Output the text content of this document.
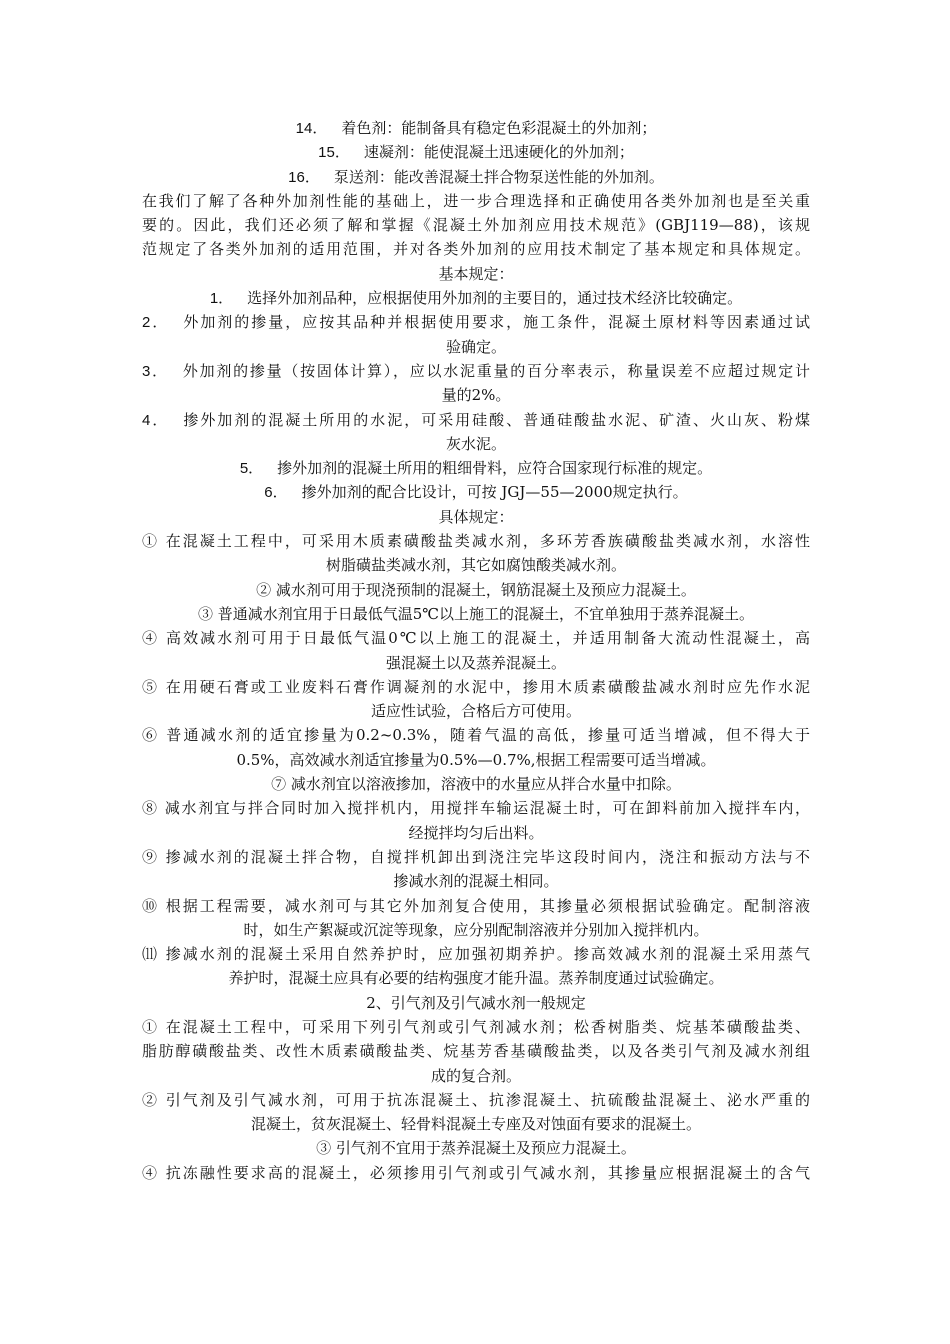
14． 着色剂：能制备具有稳定色彩混凝土的外加剂；
15． 速凝剂：能使混凝土迅速硬化的外加剂；
16． 泵送剂：能改善混凝土拌合物泵送性能的外加剂。
在我们了解了各种外加剂性能的基础上，进一步合理选择和正确使用各类外加剂也是至关重
要的。因此，我们还必须了解和掌握《混凝土外加剂应用技术规范》(GBJ119—88)，该规
范规定了各类外加剂的适用范围，并对各类外加剂的应用技术制定了基本规定和具体规定。
基本规定：
1． 选择外加剂品种，应根据使用外加剂的主要目的，通过技术经济比较确定。
2． 外加剂的掺量，应按其品种并根据使用要求，施工条件，混凝土原材料等因素通过试
验确定。
3． 外加剂的掺量（按固体计算），应以水泥重量的百分率表示，称量误差不应超过规定计
量的2%。
4． 掺外加剂的混凝土所用的水泥，可采用硅酸、普通硅酸盐水泥、矿渣、火山灰、粉煤
灰水泥。
5． 掺外加剂的混凝土所用的粗细骨料，应符合国家现行标准的规定。
6． 掺外加剂的配合比设计，可按 JGJ—55—2000规定执行。
具体规定：
① 在混凝土工程中，可采用木质素磺酸盐类减水剂，多环芳香族磺酸盐类减水剂，水溶性
树脂磺盐类减水剂，其它如腐蚀酸类减水剂。
② 减水剂可用于现浇预制的混凝土，钢筋混凝土及预应力混凝土。
③ 普通减水剂宜用于日最低气温5℃以上施工的混凝土，不宜单独用于蒸养混凝土。
④ 高效减水剂可用于日最低气温0℃以上施工的混凝土，并适用制备大流动性混凝土，高
强混凝土以及蒸养混凝土。
⑤ 在用硬石膏或工业废料石膏作调凝剂的水泥中，掺用木质素磺酸盐减水剂时应先作水泥
适应性试验，合格后方可使用。
⑥ 普通减水剂的适宜掺量为0.2~0.3%，随着气温的高低，掺量可适当增减，但不得大于
0.5%，高效减水剂适宜掺量为0.5%—0.7%,根据工程需要可适当增减。
⑦ 减水剂宜以溶液掺加，溶液中的水量应从拌合水量中扣除。
⑧ 减水剂宜与拌合同时加入搅拌机内，用搅拌车输运混凝土时，可在卸料前加入搅拌车内，
经搅拌均匀后出料。
⑨ 掺减水剂的混凝土拌合物，自搅拌机卸出到浇注完毕这段时间内，浇注和振动方法与不
掺减水剂的混凝土相同。
⑩ 根据工程需要，减水剂可与其它外加剂复合使用，其掺量必须根据试验确定。配制溶液
时，如生产絮凝或沉淀等现象，应分别配制溶液并分别加入搅拌机内。
⑾ 掺减水剂的混凝土采用自然养护时，应加强初期养护。掺高效减水剂的混凝土采用蒸气
养护时，混凝土应具有必要的结构强度才能升温。蒸养制度通过试验确定。
2、引气剂及引气减水剂一般规定
① 在混凝土工程中，可采用下列引气剂或引气剂减水剂；松香树脂类、烷基苯磺酸盐类、
脂肪醇磺酸盐类、改性木质素磺酸盐类、烷基芳香基磺酸盐类，以及各类引气剂及减水剂组
成的复合剂。
② 引气剂及引气减水剂，可用于抗冻混凝土、抗渗混凝土、抗硫酸盐混凝土、泌水严重的
混凝土，贫灰混凝土、轻骨料混凝土专座及对蚀面有要求的混凝土。
③ 引气剂不宜用于蒸养混凝土及预应力混凝土。
④ 抗冻融性要求高的混凝土，必须掺用引气剂或引气减水剂，其掺量应根据混凝土的含气
